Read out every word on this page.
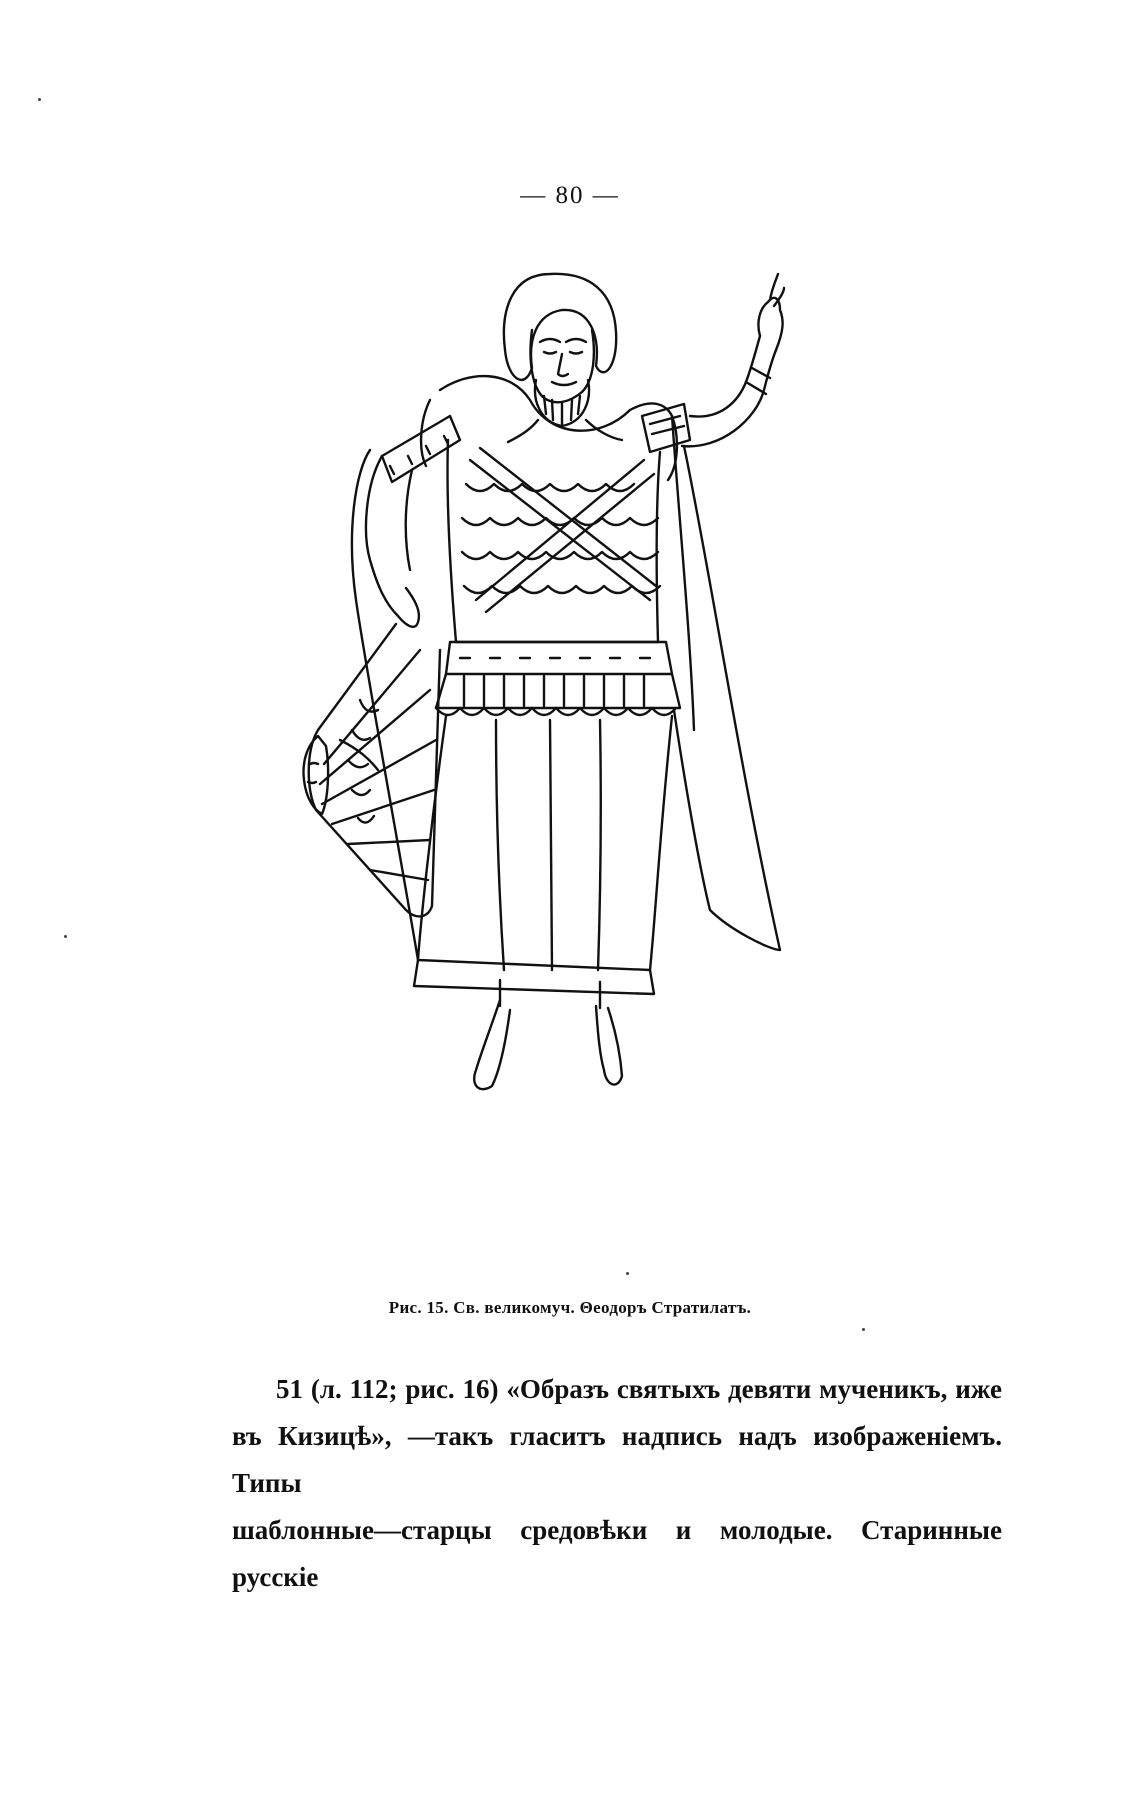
— 80 —
Рис. 15. Св. великомуч. Θеодоръ Стратилатъ.

51 (л. 112; рис. 16) «Образъ святыхъ девяти мученикъ, иже

въ Кизицѣ», —такъ гласитъ надпись надъ изображеніемъ. Типы

шаблонные—старцы средовѣки и молодые. Старинные русскіе
